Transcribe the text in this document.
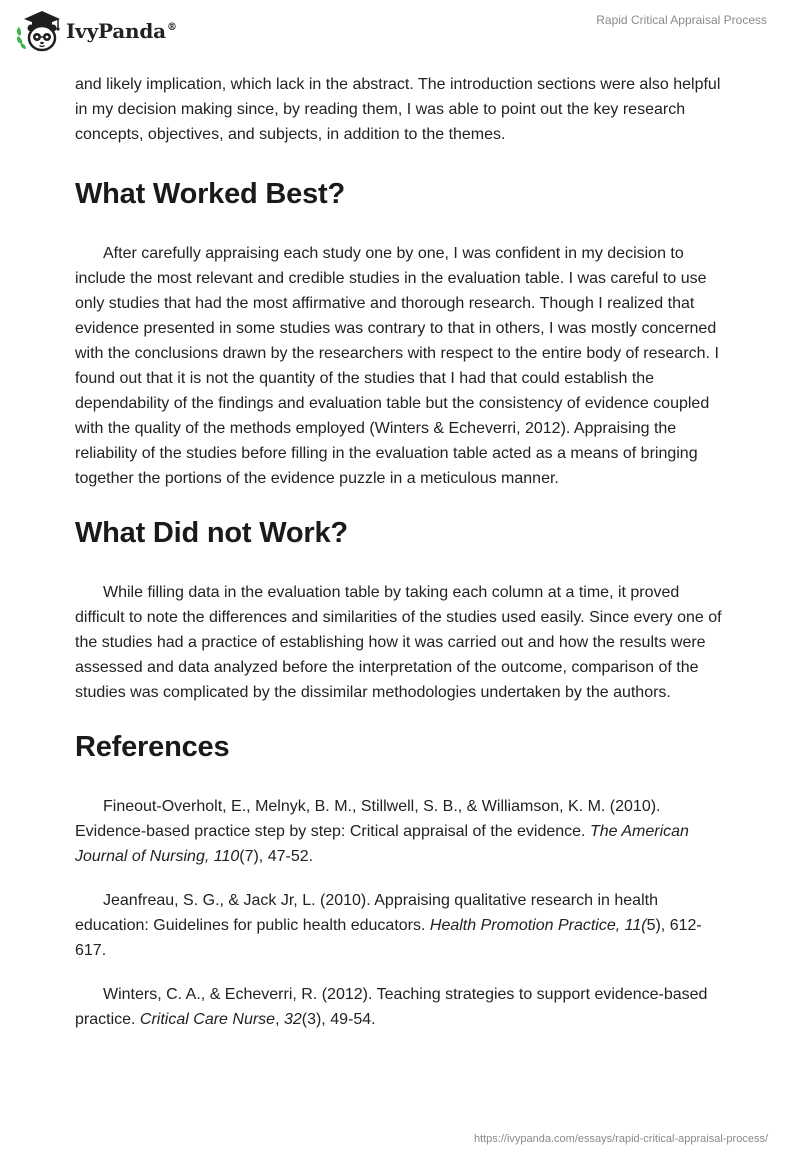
IvyPanda®
Rapid Critical Appraisal Process

and likely implication, which lack in the abstract. The introduction sections were also helpful in my decision making since, by reading them, I was able to point out the key research concepts, objectives, and subjects, in addition to the themes.

What Worked Best?

After carefully appraising each study one by one, I was confident in my decision to include the most relevant and credible studies in the evaluation table. I was careful to use only studies that had the most affirmative and thorough research. Though I realized that evidence presented in some studies was contrary to that in others, I was mostly concerned with the conclusions drawn by the researchers with respect to the entire body of research. I found out that it is not the quantity of the studies that I had that could establish the dependability of the findings and evaluation table but the consistency of evidence coupled with the quality of the methods employed (Winters & Echeverri, 2012). Appraising the reliability of the studies before filling in the evaluation table acted as a means of bringing together the portions of the evidence puzzle in a meticulous manner.

What Did not Work?

While filling data in the evaluation table by taking each column at a time, it proved difficult to note the differences and similarities of the studies used easily. Since every one of the studies had a practice of establishing how it was carried out and how the results were assessed and data analyzed before the interpretation of the outcome, comparison of the studies was complicated by the dissimilar methodologies undertaken by the authors.

References

Fineout-Overholt, E., Melnyk, B. M., Stillwell, S. B., & Williamson, K. M. (2010). Evidence-based practice step by step: Critical appraisal of the evidence. The American Journal of Nursing, 110(7), 47-52.

Jeanfreau, S. G., & Jack Jr, L. (2010). Appraising qualitative research in health education: Guidelines for public health educators. Health Promotion Practice, 11(5), 612-617.

Winters, C. A., & Echeverri, R. (2012). Teaching strategies to support evidence-based practice. Critical Care Nurse, 32(3), 49-54.

https://ivypanda.com/essays/rapid-critical-appraisal-process/
